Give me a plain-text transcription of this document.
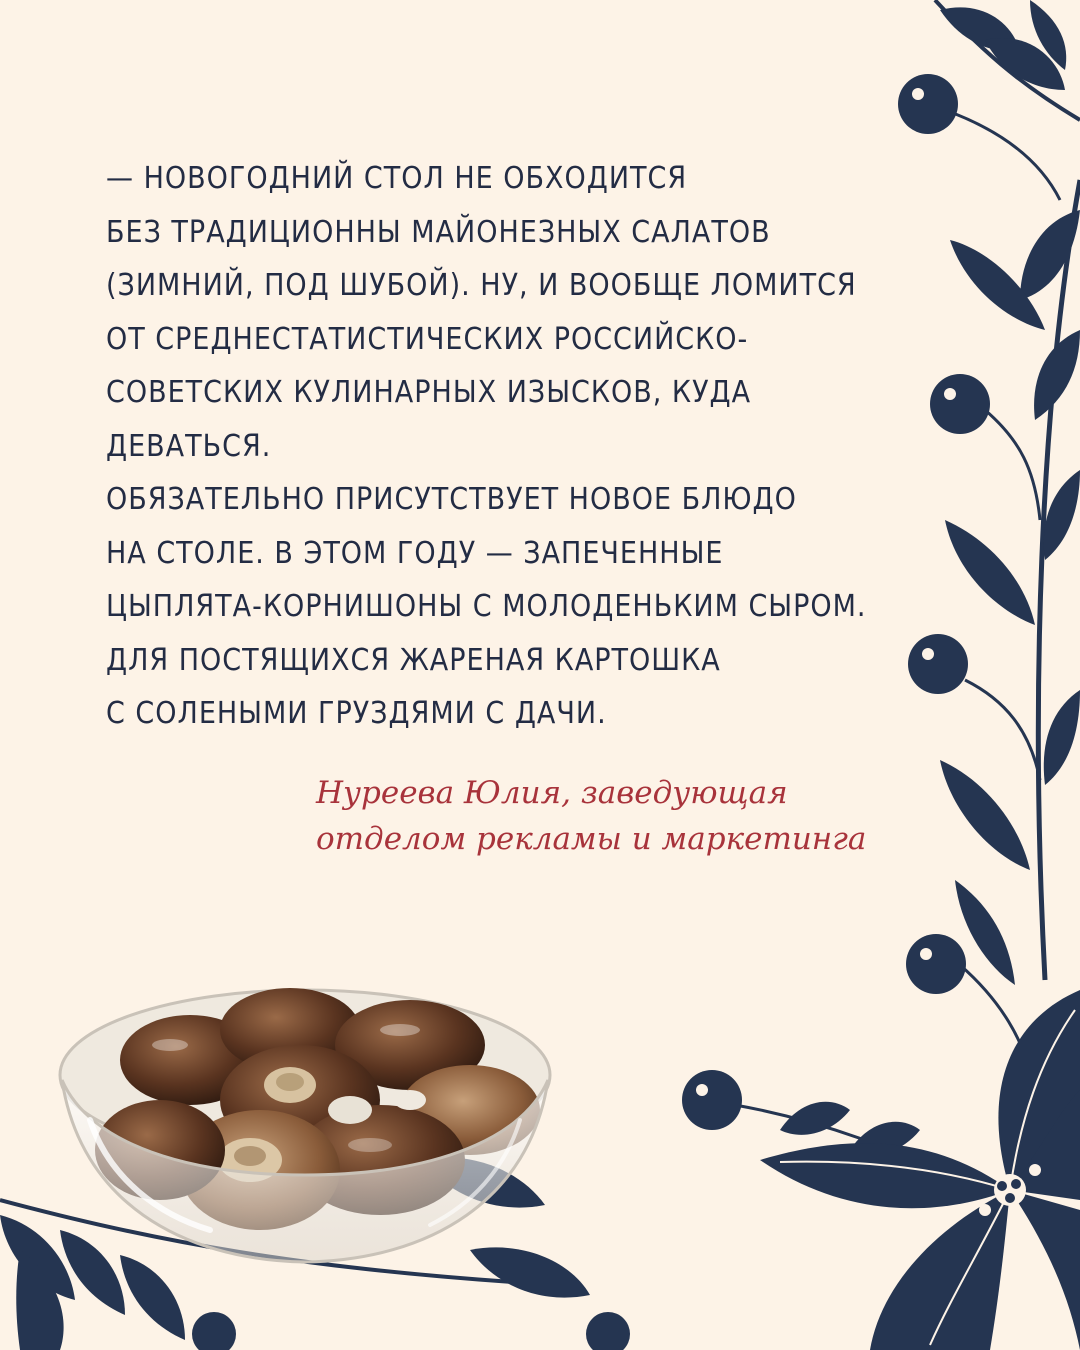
— НОВОГОДНИЙ СТОЛ НЕ ОБХОДИТСЯ
БЕЗ ТРАДИЦИОННЫ МАЙОНЕЗНЫХ САЛАТОВ
(ЗИМНИЙ, ПОД ШУБОЙ). НУ, И ВООБЩЕ ЛОМИТСЯ
ОТ СРЕДНЕСТАТИСТИЧЕСКИХ РОССИЙСКО-
СОВЕТСКИХ КУЛИНАРНЫХ ИЗЫСКОВ, КУДА
ДЕВАТЬСЯ.
ОБЯЗАТЕЛЬНО ПРИСУТСТВУЕТ НОВОЕ БЛЮДО
НА СТОЛЕ. В ЭТОМ ГОДУ — ЗАПЕЧЕННЫЕ
ЦЫПЛЯТА-КОРНИШОНЫ С МОЛОДЕНЬКИМ СЫРОМ.
ДЛЯ ПОСТЯЩИХСЯ ЖАРЕНАЯ КАРТОШКА
С СОЛЕНЫМИ ГРУЗДЯМИ С ДАЧИ.

Нуреева Юлия, заведующая
отделом рекламы и маркетинга
